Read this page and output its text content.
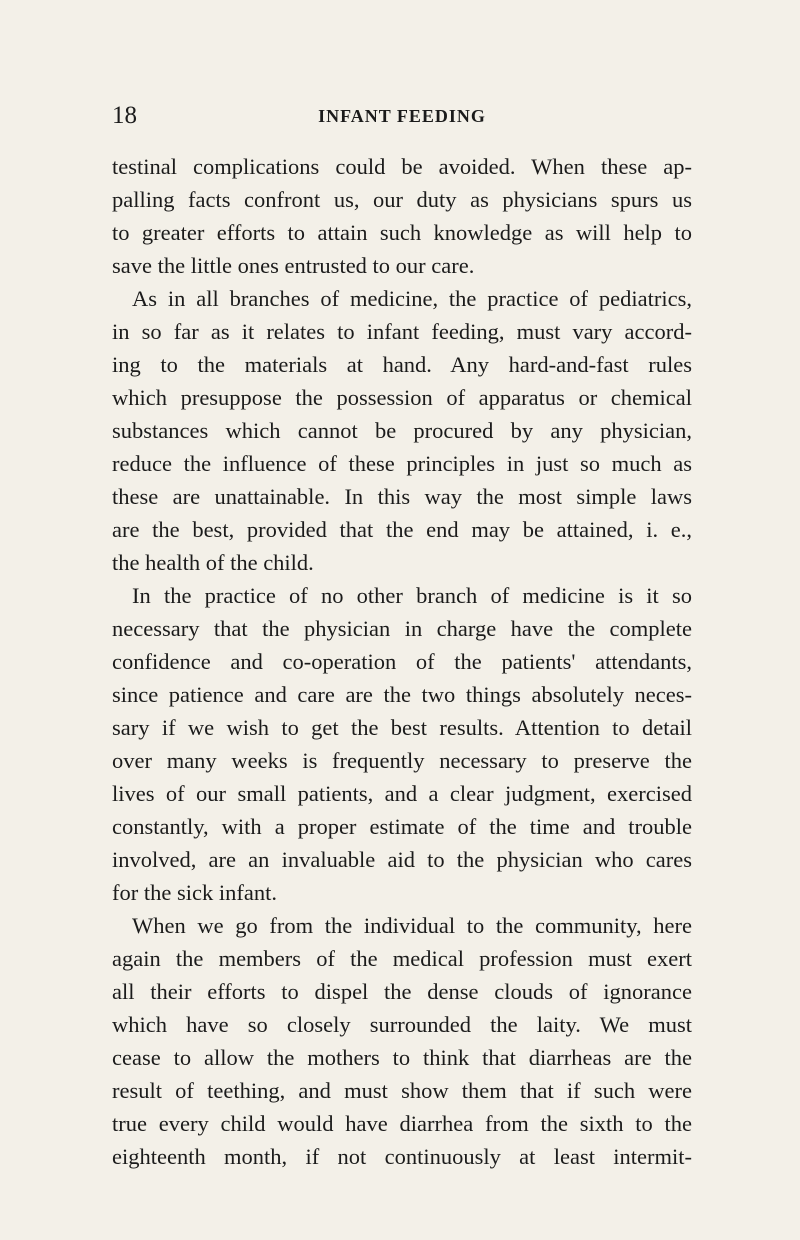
18	INFANT FEEDING
testinal complications could be avoided. When these ap-
palling facts confront us, our duty as physicians spurs us
to greater efforts to attain such knowledge as will help to
save the little ones entrusted to our care.
As in all branches of medicine, the practice of pediatrics,
in so far as it relates to infant feeding, must vary accord-
ing to the materials at hand. Any hard-and-fast rules
which presuppose the possession of apparatus or chemical
substances which cannot be procured by any physician,
reduce the influence of these principles in just so much as
these are unattainable. In this way the most simple laws
are the best, provided that the end may be attained, i. e.,
the health of the child.
In the practice of no other branch of medicine is it so
necessary that the physician in charge have the complete
confidence and co-operation of the patients' attendants,
since patience and care are the two things absolutely neces-
sary if we wish to get the best results. Attention to detail
over many weeks is frequently necessary to preserve the
lives of our small patients, and a clear judgment, exercised
constantly, with a proper estimate of the time and trouble
involved, are an invaluable aid to the physician who cares
for the sick infant.
When we go from the individual to the community, here
again the members of the medical profession must exert
all their efforts to dispel the dense clouds of ignorance
which have so closely surrounded the laity. We must
cease to allow the mothers to think that diarrheas are the
result of teething, and must show them that if such were
true every child would have diarrhea from the sixth to the
eighteenth month, if not continuously at least intermit-
